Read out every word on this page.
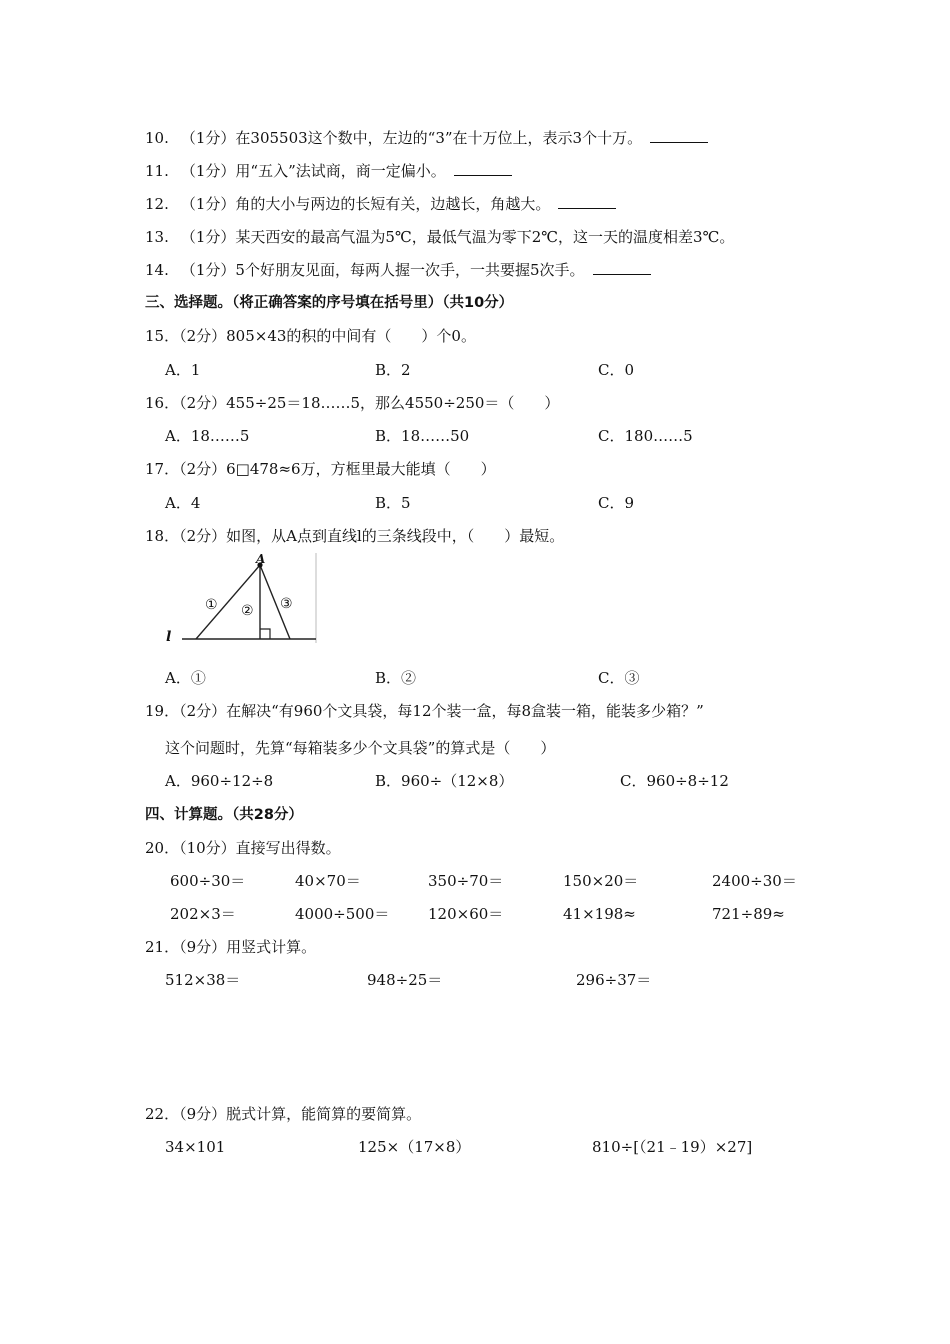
10. （1分）在305503这个数中，左边的“3”在十万位上，表示3个十万。
11. （1分）用“五入”法试商，商一定偏小。
12. （1分）角的大小与两边的长短有关，边越长，角越大。
13. （1分）某天西安的最高气温为5℃，最低气温为零下2℃，这一天的温度相差3℃。
14. （1分）5个好朋友见面，每两人握一次手，一共要握5次手。
三、选择题。（将正确答案的序号填在括号里）（共10分）
15．（2分）805×43的积的中间有（　　）个0。
A．1	B．2	C．0
16．（2分）455÷25＝18……5，那么4550÷250＝（　　）
A．18……5	B．18……50	C．180……5
17．（2分）6□478≈6万，方框里最大能填（　　）
A．4	B．5	C．9
18．（2分）如图，从A点到直线l的三条线段中，（　　）最短。
A
l
① ② ③
A．①	B．②	C．③
19．（2分）在解决“有960个文具袋，每12个装一盒，每8盒装一箱，能装多少箱？”
这个问题时，先算“每箱装多少个文具袋”的算式是（　　）
A．960÷12÷8	B．960÷（12×8）	C．960÷8÷12
四、计算题。（共28分）
20．（10分）直接写出得数。
600÷30＝	40×70＝	350÷70＝	150×20＝	2400÷30＝
202×3＝	4000÷500＝	120×60＝	41×198≈	721÷89≈
21．（9分）用竖式计算。
512×38＝	948÷25＝	296÷37＝
22．（9分）脱式计算，能简算的要简算。
34×101	125×（17×8）	810÷[（21﹣19）×27]
